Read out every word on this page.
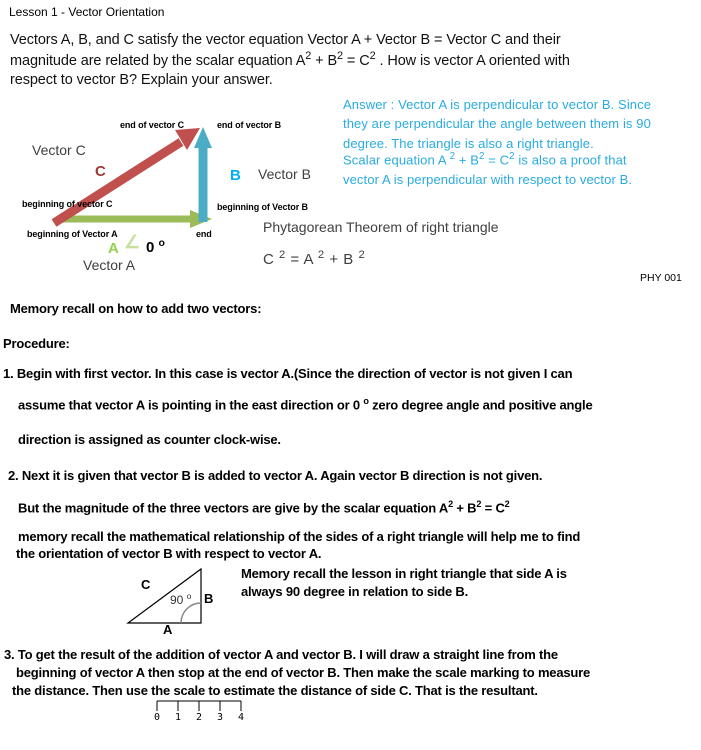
Lesson 1 - Vector Orientation
Vectors A, B, and C satisfy the vector equation Vector A + Vector B = Vector C and their
magnitude are related by the scalar equation $A^2 + B^2 = C^2$ . How is vector A oriented with
respect to vector B? Explain your answer.
end of vector C	end of vector B
Vector C
C	B Vector B
beginning of vector C	beginning of Vector B
beginning of Vector A	end
A ∠ 0 $^o$
Vector A
Answer : Vector A is perpendicular to vector B. Since
they are perpendicular the angle between them is 90
degree. The triangle is also a right triangle.
Scalar equation A $^2 + B^2 = C^2$ is also a proof that
vector A is perpendicular with respect to vector B.
Phytagorean Theorem of right triangle
C $^2$ = A $^2$ + B $^2$
PHY 001
Memory recall on how to add two vectors:
Procedure:
1. Begin with first vector. In this case is vector A.(Since the direction of vector is not given I can
assume that vector A is pointing in the east direction or 0 $^o$ zero degree angle and positive angle
direction is assigned as counter clock-wise.
2. Next it is given that vector B is added to vector A. Again vector B direction is not given.
But the magnitude of the three vectors are give by the scalar equation $A^2 + B^2 = C^2$
memory recall the mathematical relationship of the sides of a right triangle will help me to find
the orientation of vector B with respect to vector A.
C
90 $^o$ B
A
Memory recall the lesson in right triangle that side A is
always 90 degree in relation to side B.
3. To get the result of the addition of vector A and vector B. I will draw a straight line from the
beginning of vector A then stop at the end of vector B. Then make the scale marking to measure
the distance. Then use the scale to estimate the distance of side C. That is the resultant.
0 1 2 3 4
